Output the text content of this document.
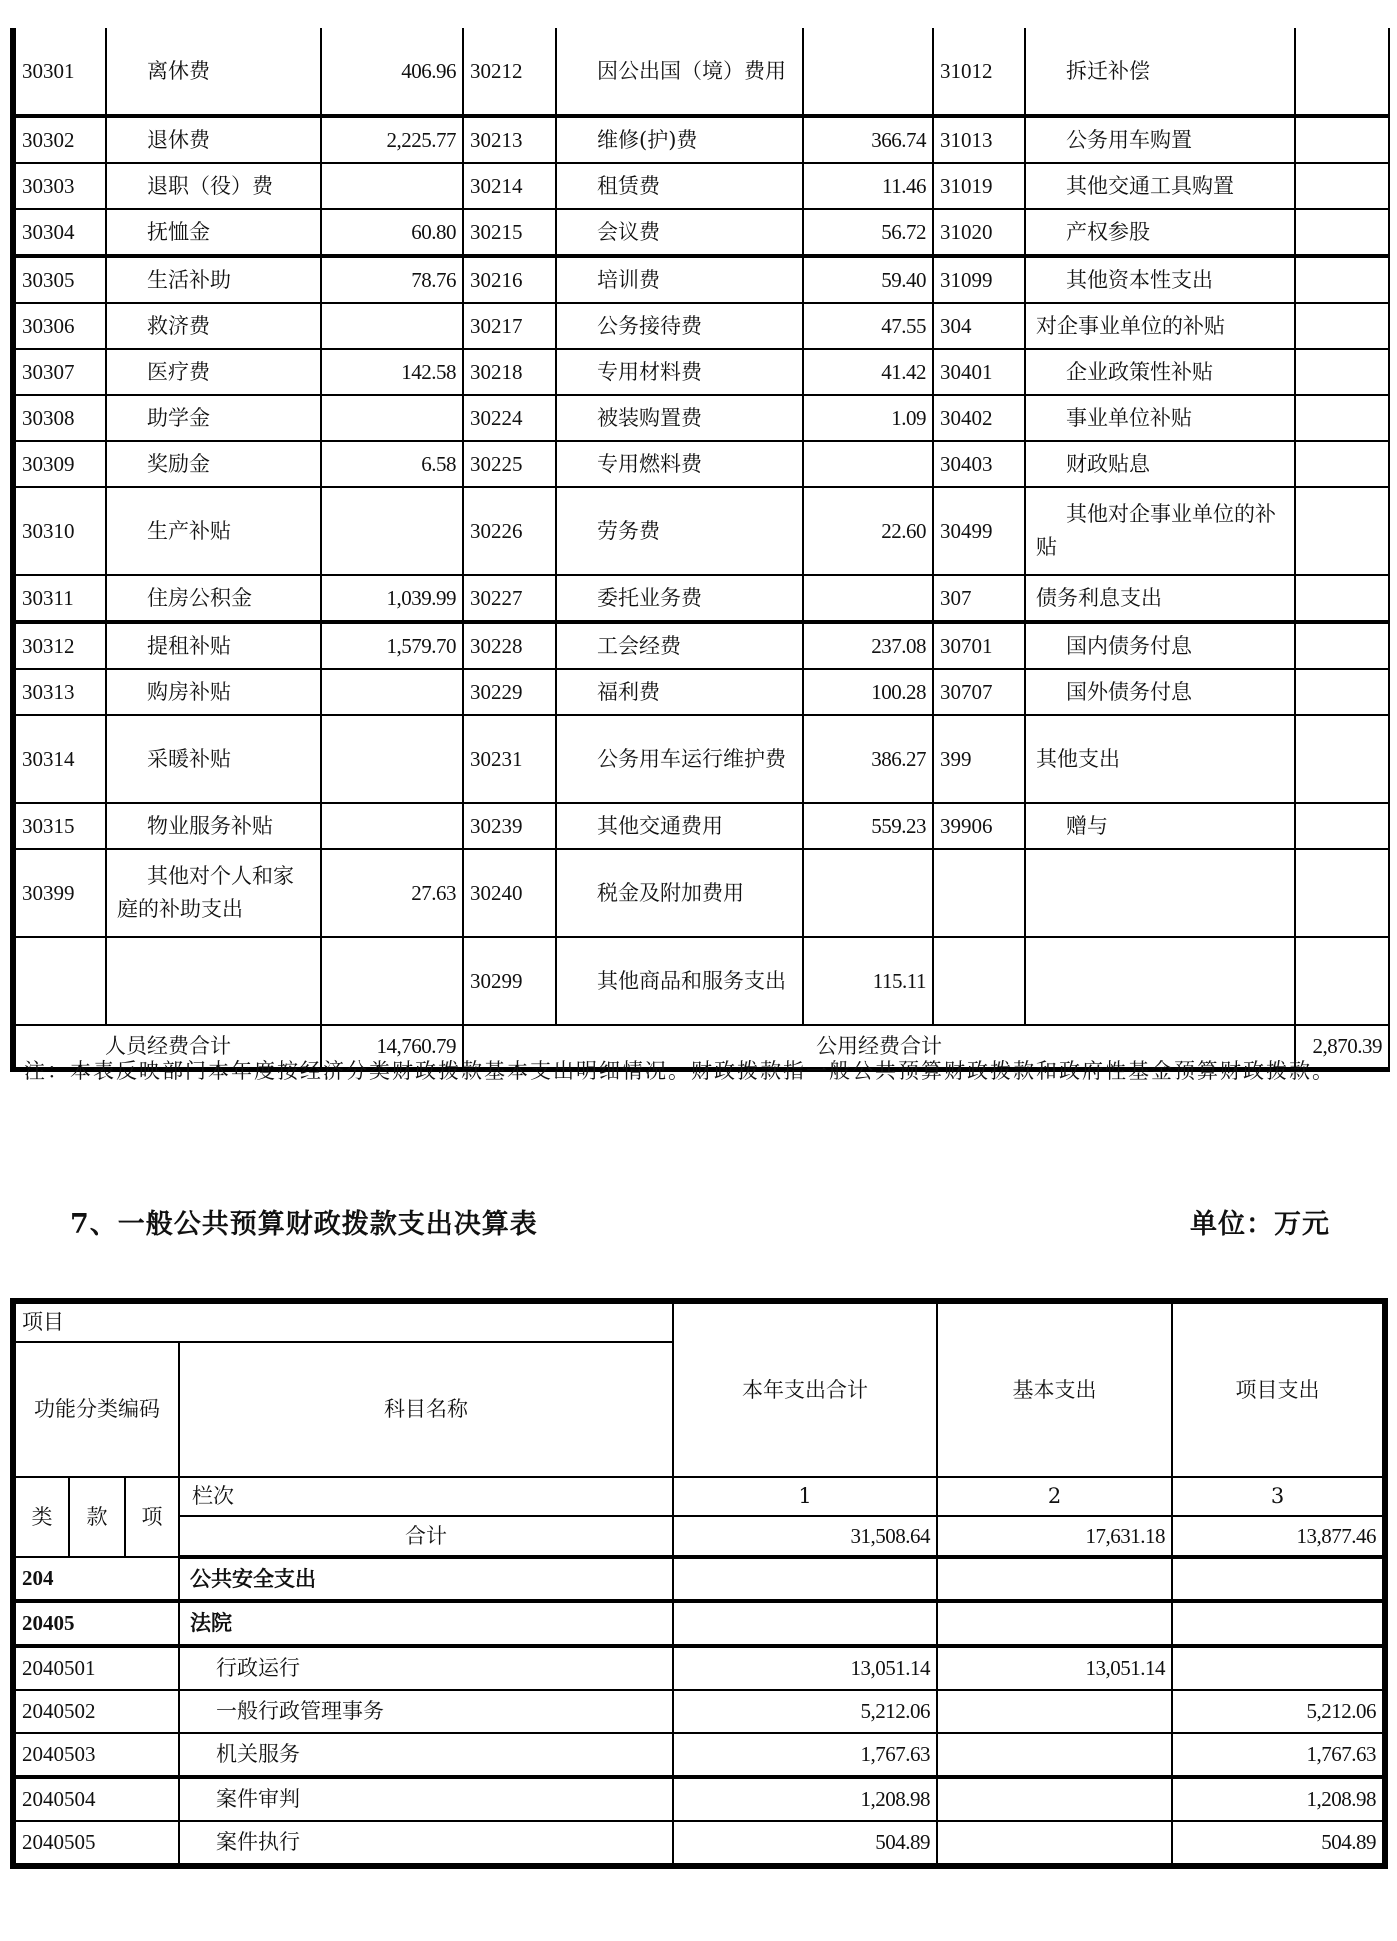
30301	离休费	406.96	30212	因公出国（境）费用		31012	拆迁补偿	
30302	退休费	2,225.77	30213	维修(护)费	366.74	31013	公务用车购置	
30303	退职（役）费		30214	租赁费	11.46	31019	其他交通工具购置	
30304	抚恤金	60.80	30215	会议费	56.72	31020	产权参股	
30305	生活补助	78.76	30216	培训费	59.40	31099	其他资本性支出	
30306	救济费		30217	公务接待费	47.55	304	对企事业单位的补贴	
30307	医疗费	142.58	30218	专用材料费	41.42	30401	企业政策性补贴	
30308	助学金		30224	被装购置费	1.09	30402	事业单位补贴	
30309	奖励金	6.58	30225	专用燃料费		30403	财政贴息	
30310	生产补贴		30226	劳务费	22.60	30499	其他对企事业单位的补贴	
30311	住房公积金	1,039.99	30227	委托业务费		307	债务利息支出	
30312	提租补贴	1,579.70	30228	工会经费	237.08	30701	国内债务付息	
30313	购房补贴		30229	福利费	100.28	30707	国外债务付息	
30314	采暖补贴		30231	公务用车运行维护费	386.27	399	其他支出	
30315	物业服务补贴		30239	其他交通费用	559.23	39906	赠与	
30399	其他对个人和家庭的补助支出	27.63	30240	税金及附加费用				
			30299	其他商品和服务支出	115.11			
人员经费合计		14,760.79	公用经费合计					2,870.39
注：本表反映部门本年度按经济分类财政拨款基本支出明细情况。财政拨款指一般公共预算财政拨款和政府性基金预算财政拨款。
7、一般公共预算财政拨款支出决算表	单位：万元
项目				本年支出合计	基本支出	项目支出
功能分类编码			科目名称			
类	款	项	栏次	1	2	3
			合计	31,508.64	17,631.18	13,877.46
204			公共安全支出			
20405			法院			
2040501			行政运行	13,051.14	13,051.14	
2040502			一般行政管理事务	5,212.06		5,212.06
2040503			机关服务	1,767.63		1,767.63
2040504			案件审判	1,208.98		1,208.98
2040505			案件执行	504.89		504.89
